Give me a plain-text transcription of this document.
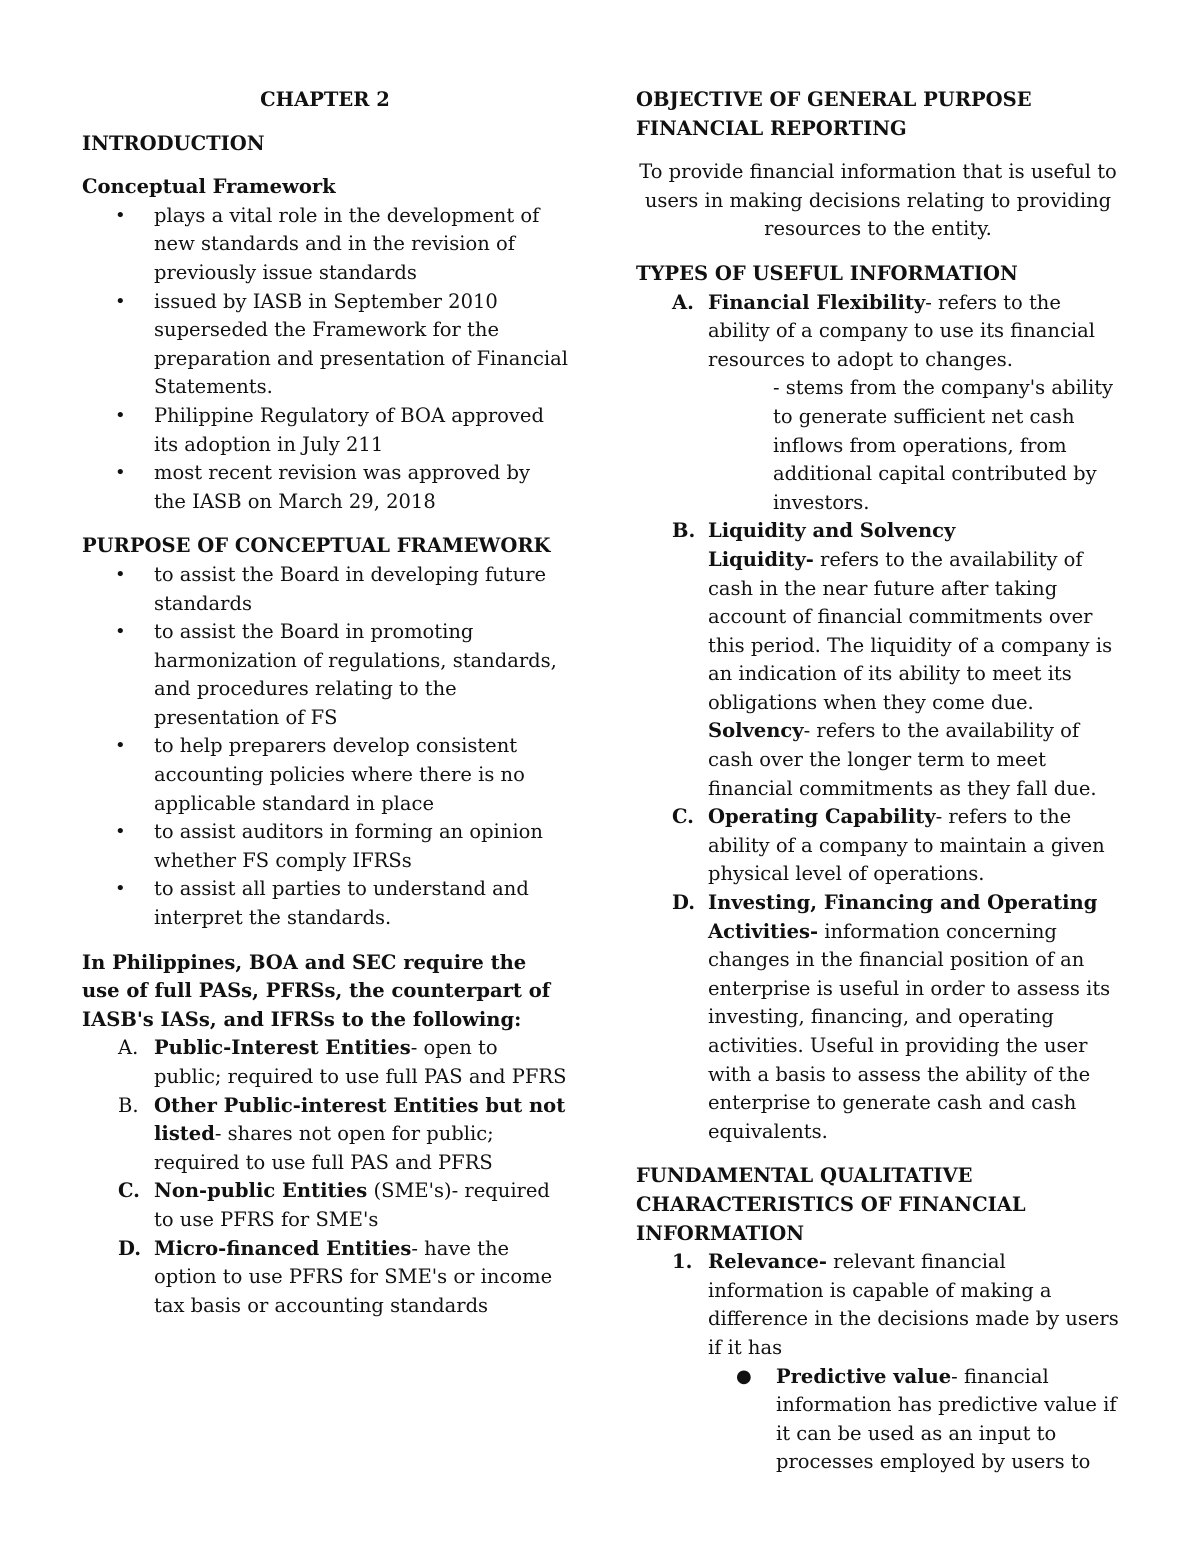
CHAPTER 2

INTRODUCTION

Conceptual Framework

• plays a vital role in the development of new standards and in the revision of previously issue standards
• issued by IASB in September 2010 superseded the Framework for the preparation and presentation of Financial Statements.
• Philippine Regulatory of BOA approved its adoption in July 211
• most recent revision was approved by the IASB on March 29, 2018

PURPOSE OF CONCEPTUAL FRAMEWORK

• to assist the Board in developing future standards
• to assist the Board in promoting harmonization of regulations, standards, and procedures relating to the presentation of FS
• to help preparers develop consistent accounting policies where there is no applicable standard in place
• to assist auditors in forming an opinion whether FS comply IFRSs
• to assist all parties to understand and interpret the standards.

In Philippines, BOA and SEC require the use of full PASs, PFRSs, the counterpart of IASB's IASs, and IFRSs to the following:

A. Public-Interest Entities- open to public; required to use full PAS and PFRS
B. Other Public-interest Entities but not listed- shares not open for public; required to use full PAS and PFRS
C. Non-public Entities (SME's)- required to use PFRS for SME's
D. Micro-financed Entities- have the option to use PFRS for SME's or income tax basis or accounting standards

OBJECTIVE OF GENERAL PURPOSE FINANCIAL REPORTING

To provide financial information that is useful to users in making decisions relating to providing resources to the entity.

TYPES OF USEFUL INFORMATION

A. Financial Flexibility- refers to the ability of a company to use its financial resources to adopt to changes.
- stems from the company's ability to generate sufficient net cash inflows from operations, from additional capital contributed by investors.
B. Liquidity and Solvency
Liquidity- refers to the availability of cash in the near future after taking account of financial commitments over this period. The liquidity of a company is an indication of its ability to meet its obligations when they come due.
Solvency- refers to the availability of cash over the longer term to meet financial commitments as they fall due.
C. Operating Capability- refers to the ability of a company to maintain a given physical level of operations.
D. Investing, Financing and Operating Activities- information concerning changes in the financial position of an enterprise is useful in order to assess its investing, financing, and operating activities. Useful in providing the user with a basis to assess the ability of the enterprise to generate cash and cash equivalents.

FUNDAMENTAL QUALITATIVE CHARACTERISTICS OF FINANCIAL INFORMATION

1. Relevance- relevant financial information is capable of making a difference in the decisions made by users if it has
● Predictive value- financial information has predictive value if it can be used as an input to processes employed by users to
